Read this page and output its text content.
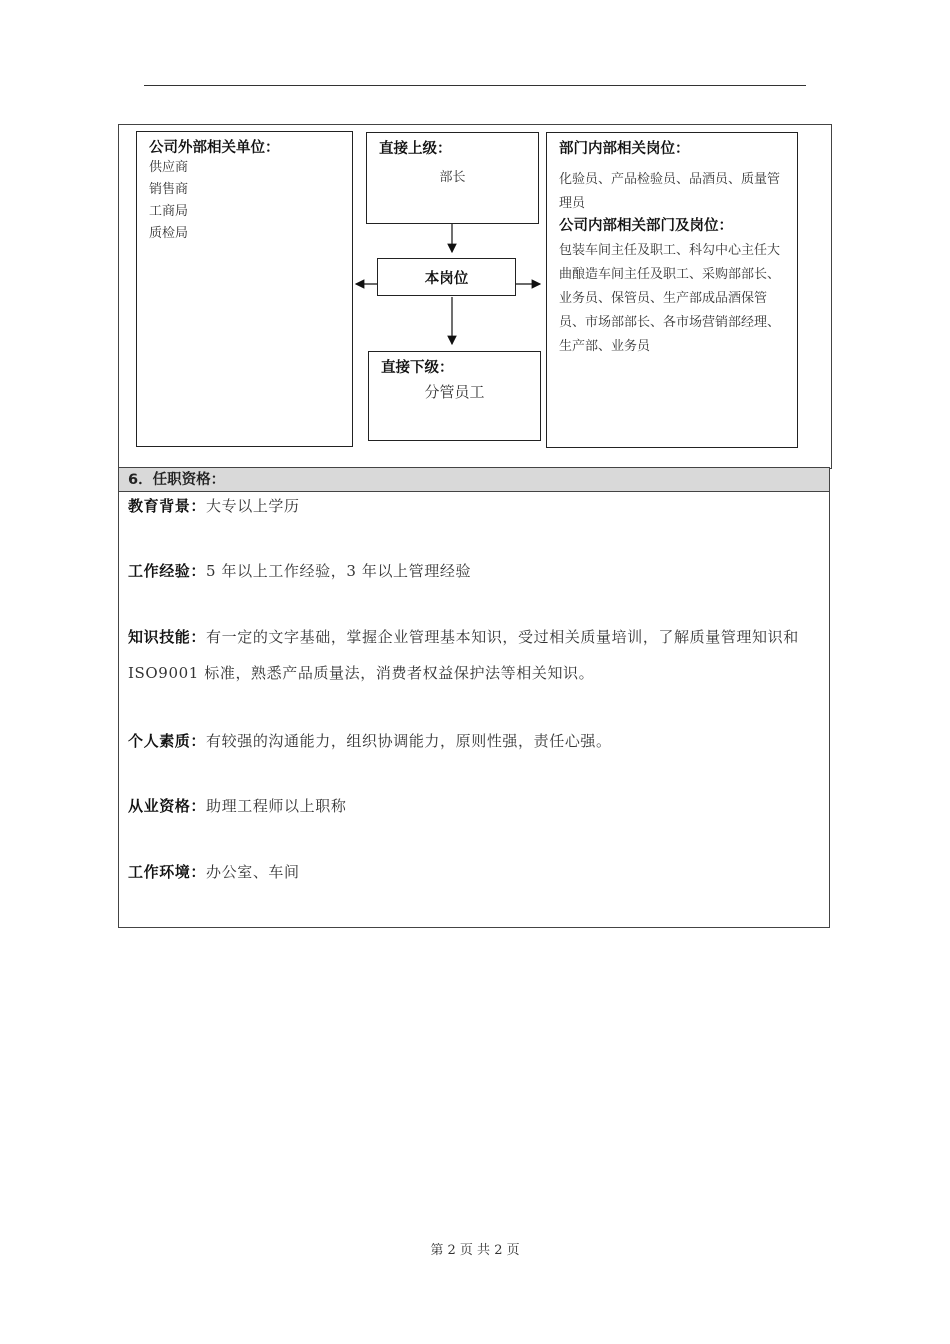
公司外部相关单位：
供应商
销售商
工商局
质检局
直接上级：
部长
本岗位
直接下级：
分管员工
部门内部相关岗位：
化验员、产品检验员、品酒员、质量管理员
公司内部相关部门及岗位：
包装车间主任及职工、科勾中心主任大曲酿造车间主任及职工、采购部部长、业务员、保管员、生产部成品酒保管员、市场部部长、各市场营销部经理、生产部、业务员
6．任职资格：
教育背景：大专以上学历
工作经验：5 年以上工作经验，3 年以上管理经验
知识技能：有一定的文字基础，掌握企业管理基本知识，受过相关质量培训，了解质量管理知识和 ISO9001 标准，熟悉产品质量法，消费者权益保护法等相关知识。
个人素质：有较强的沟通能力，组织协调能力，原则性强，责任心强。
从业资格：助理工程师以上职称
工作环境：办公室、车间
第 2 页 共 2 页
